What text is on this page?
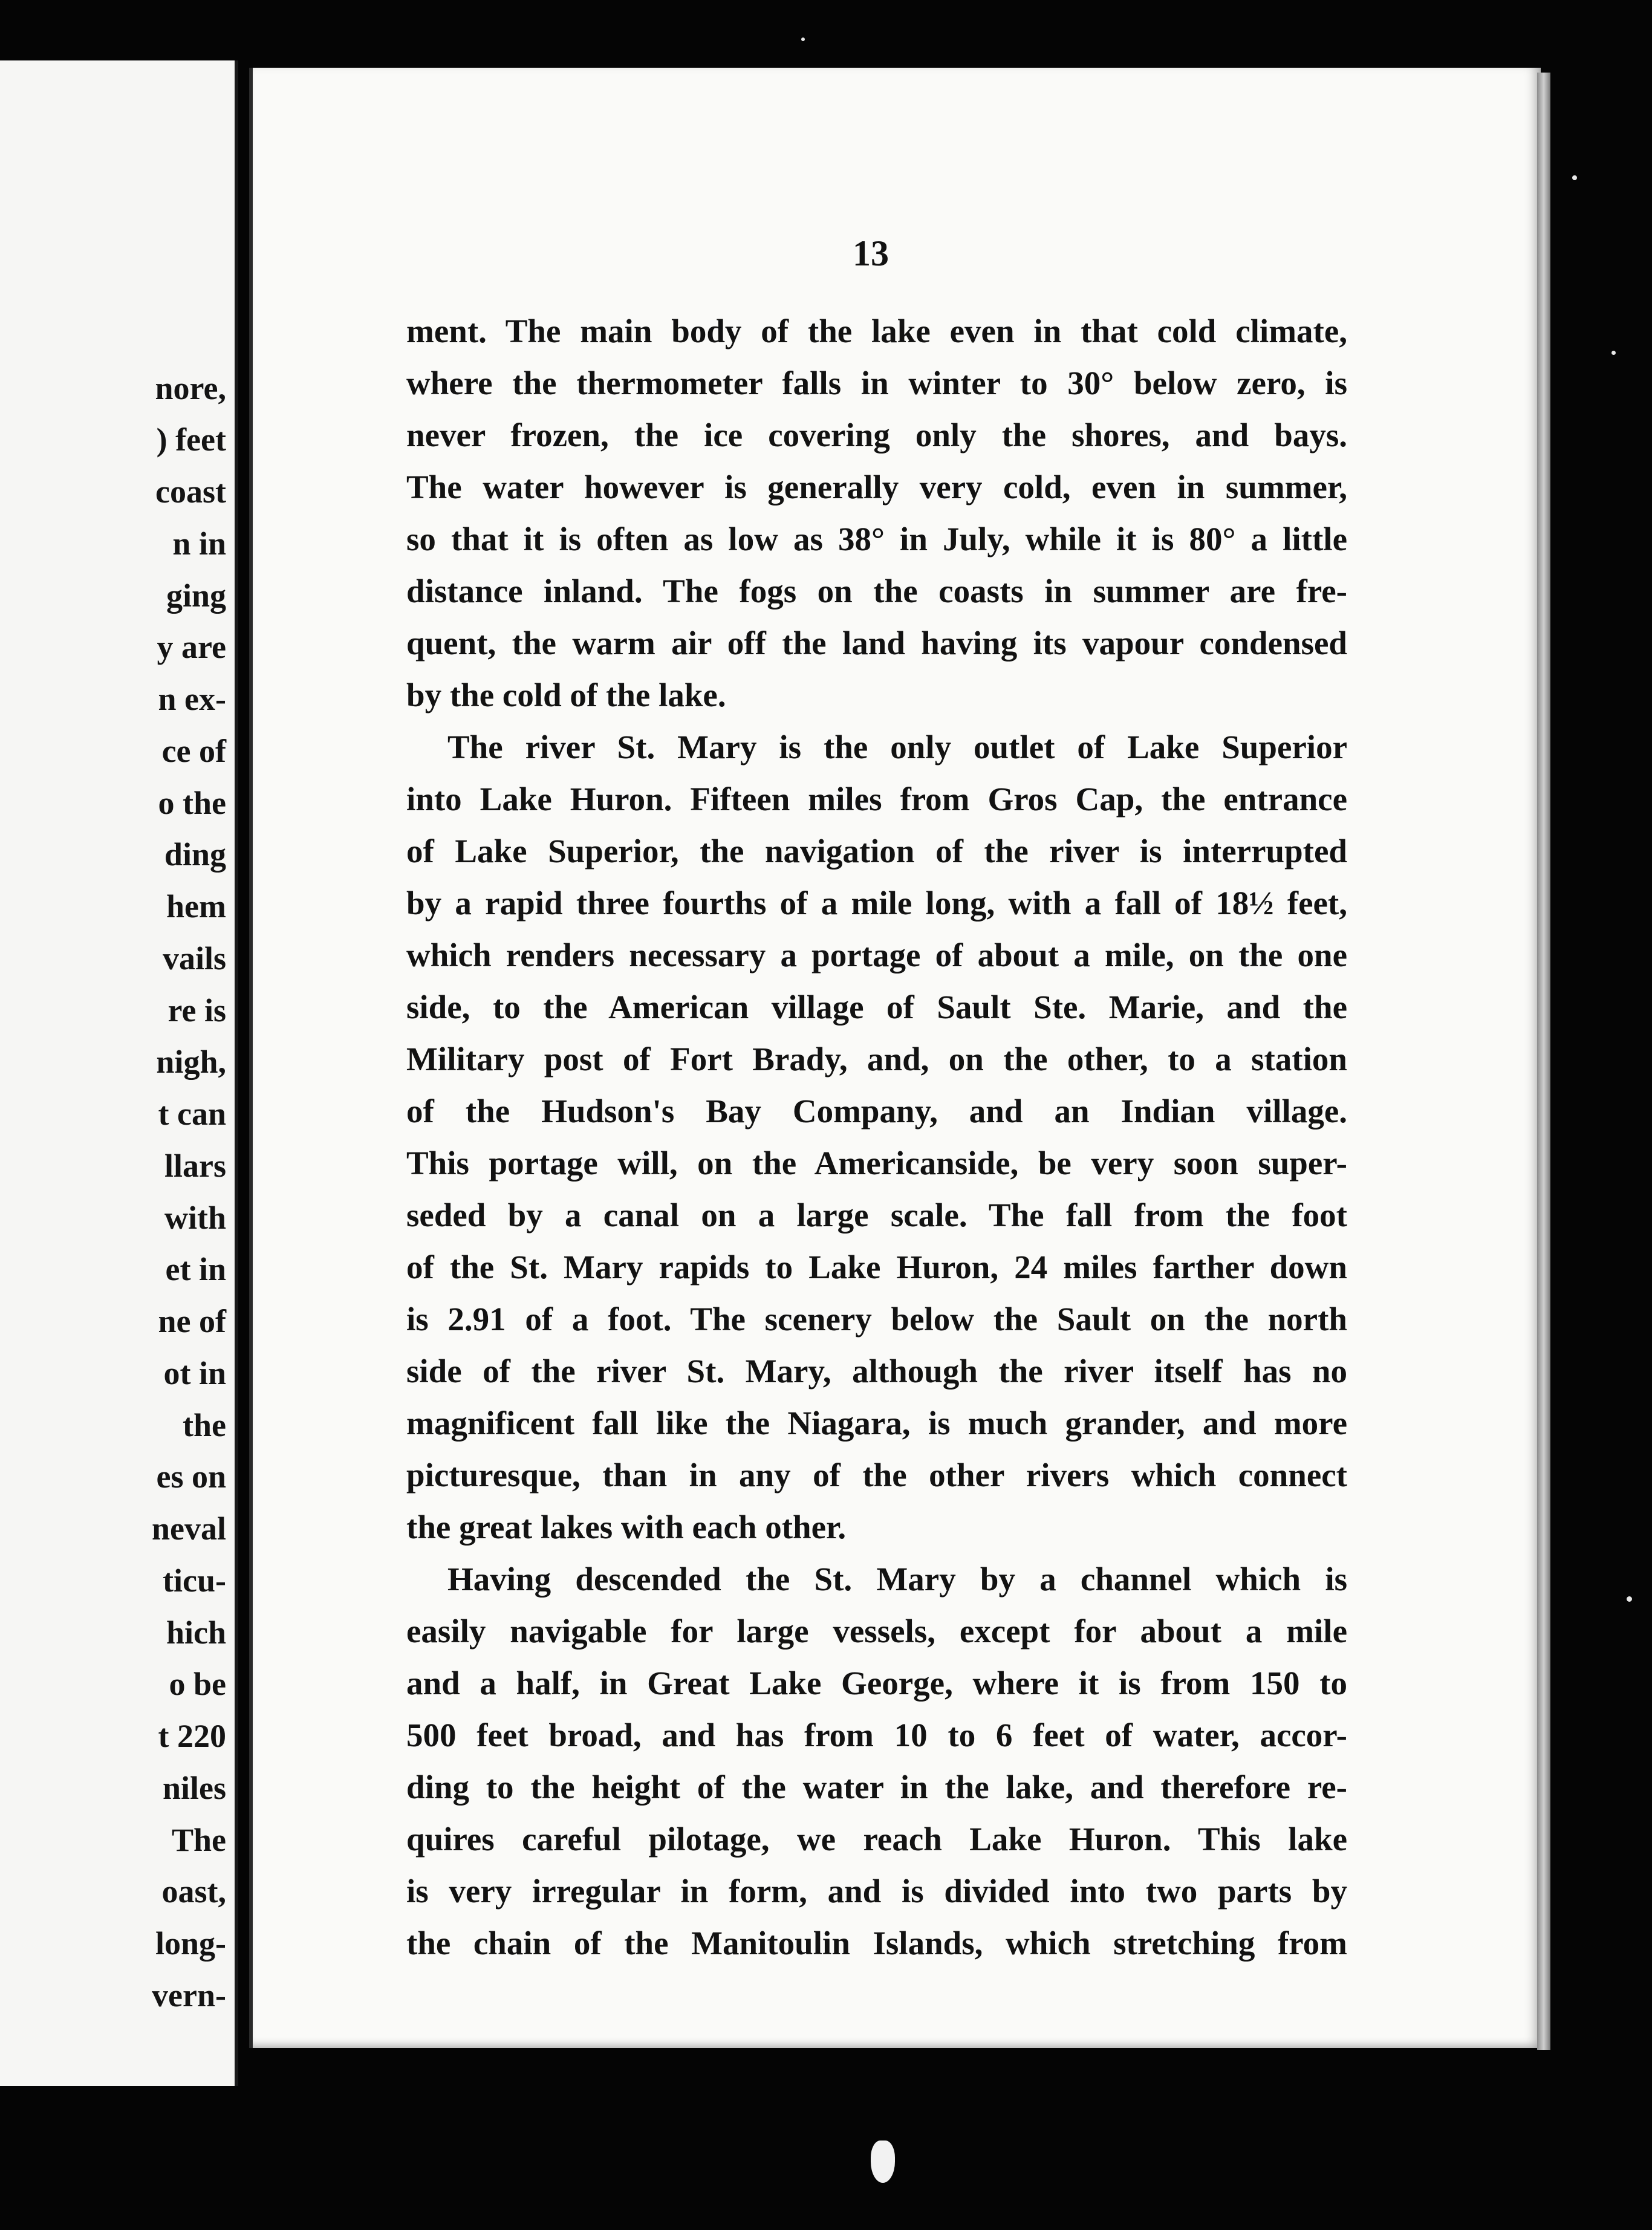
nore,
) feet
coast
n in
ging
y are
n ex-
ce of
o the
ding
hem
vails
re is
nigh,
t can
llars
with
et in
ne of
ot in
the
es on
neval
ticu-
hich
o be
t 220
niles
The
oast,
long-
vern-
13
ment. The main body of the lake even in that cold climate,
where the thermometer falls in winter to 30° below zero, is
never frozen, the ice covering only the shores, and bays.
The water however is generally very cold, even in summer,
so that it is often as low as 38° in July, while it is 80° a little
distance inland. The fogs on the coasts in summer are fre-
quent, the warm air off the land having its vapour condensed
by the cold of the lake.
The river St. Mary is the only outlet of Lake Superior
into Lake Huron. Fifteen miles from Gros Cap, the entrance
of Lake Superior, the navigation of the river is interrupted
by a rapid three fourths of a mile long, with a fall of 18½ feet,
which renders necessary a portage of about a mile, on the one
side, to the American village of Sault Ste. Marie, and the
Military post of Fort Brady, and, on the other, to a station
of the Hudson's Bay Company, and an Indian village.
This portage will, on the Americanside, be very soon super-
seded by a canal on a large scale. The fall from the foot
of the St. Mary rapids to Lake Huron, 24 miles farther down
is 2.91 of a foot. The scenery below the Sault on the north
side of the river St. Mary, although the river itself has no
magnificent fall like the Niagara, is much grander, and more
picturesque, than in any of the other rivers which connect
the great lakes with each other.
Having descended the St. Mary by a channel which is
easily navigable for large vessels, except for about a mile
and a half, in Great Lake George, where it is from 150 to
500 feet broad, and has from 10 to 6 feet of water, accor-
ding to the height of the water in the lake, and therefore re-
quires careful pilotage, we reach Lake Huron. This lake
is very irregular in form, and is divided into two parts by
the chain of the Manitoulin Islands, which stretching from
